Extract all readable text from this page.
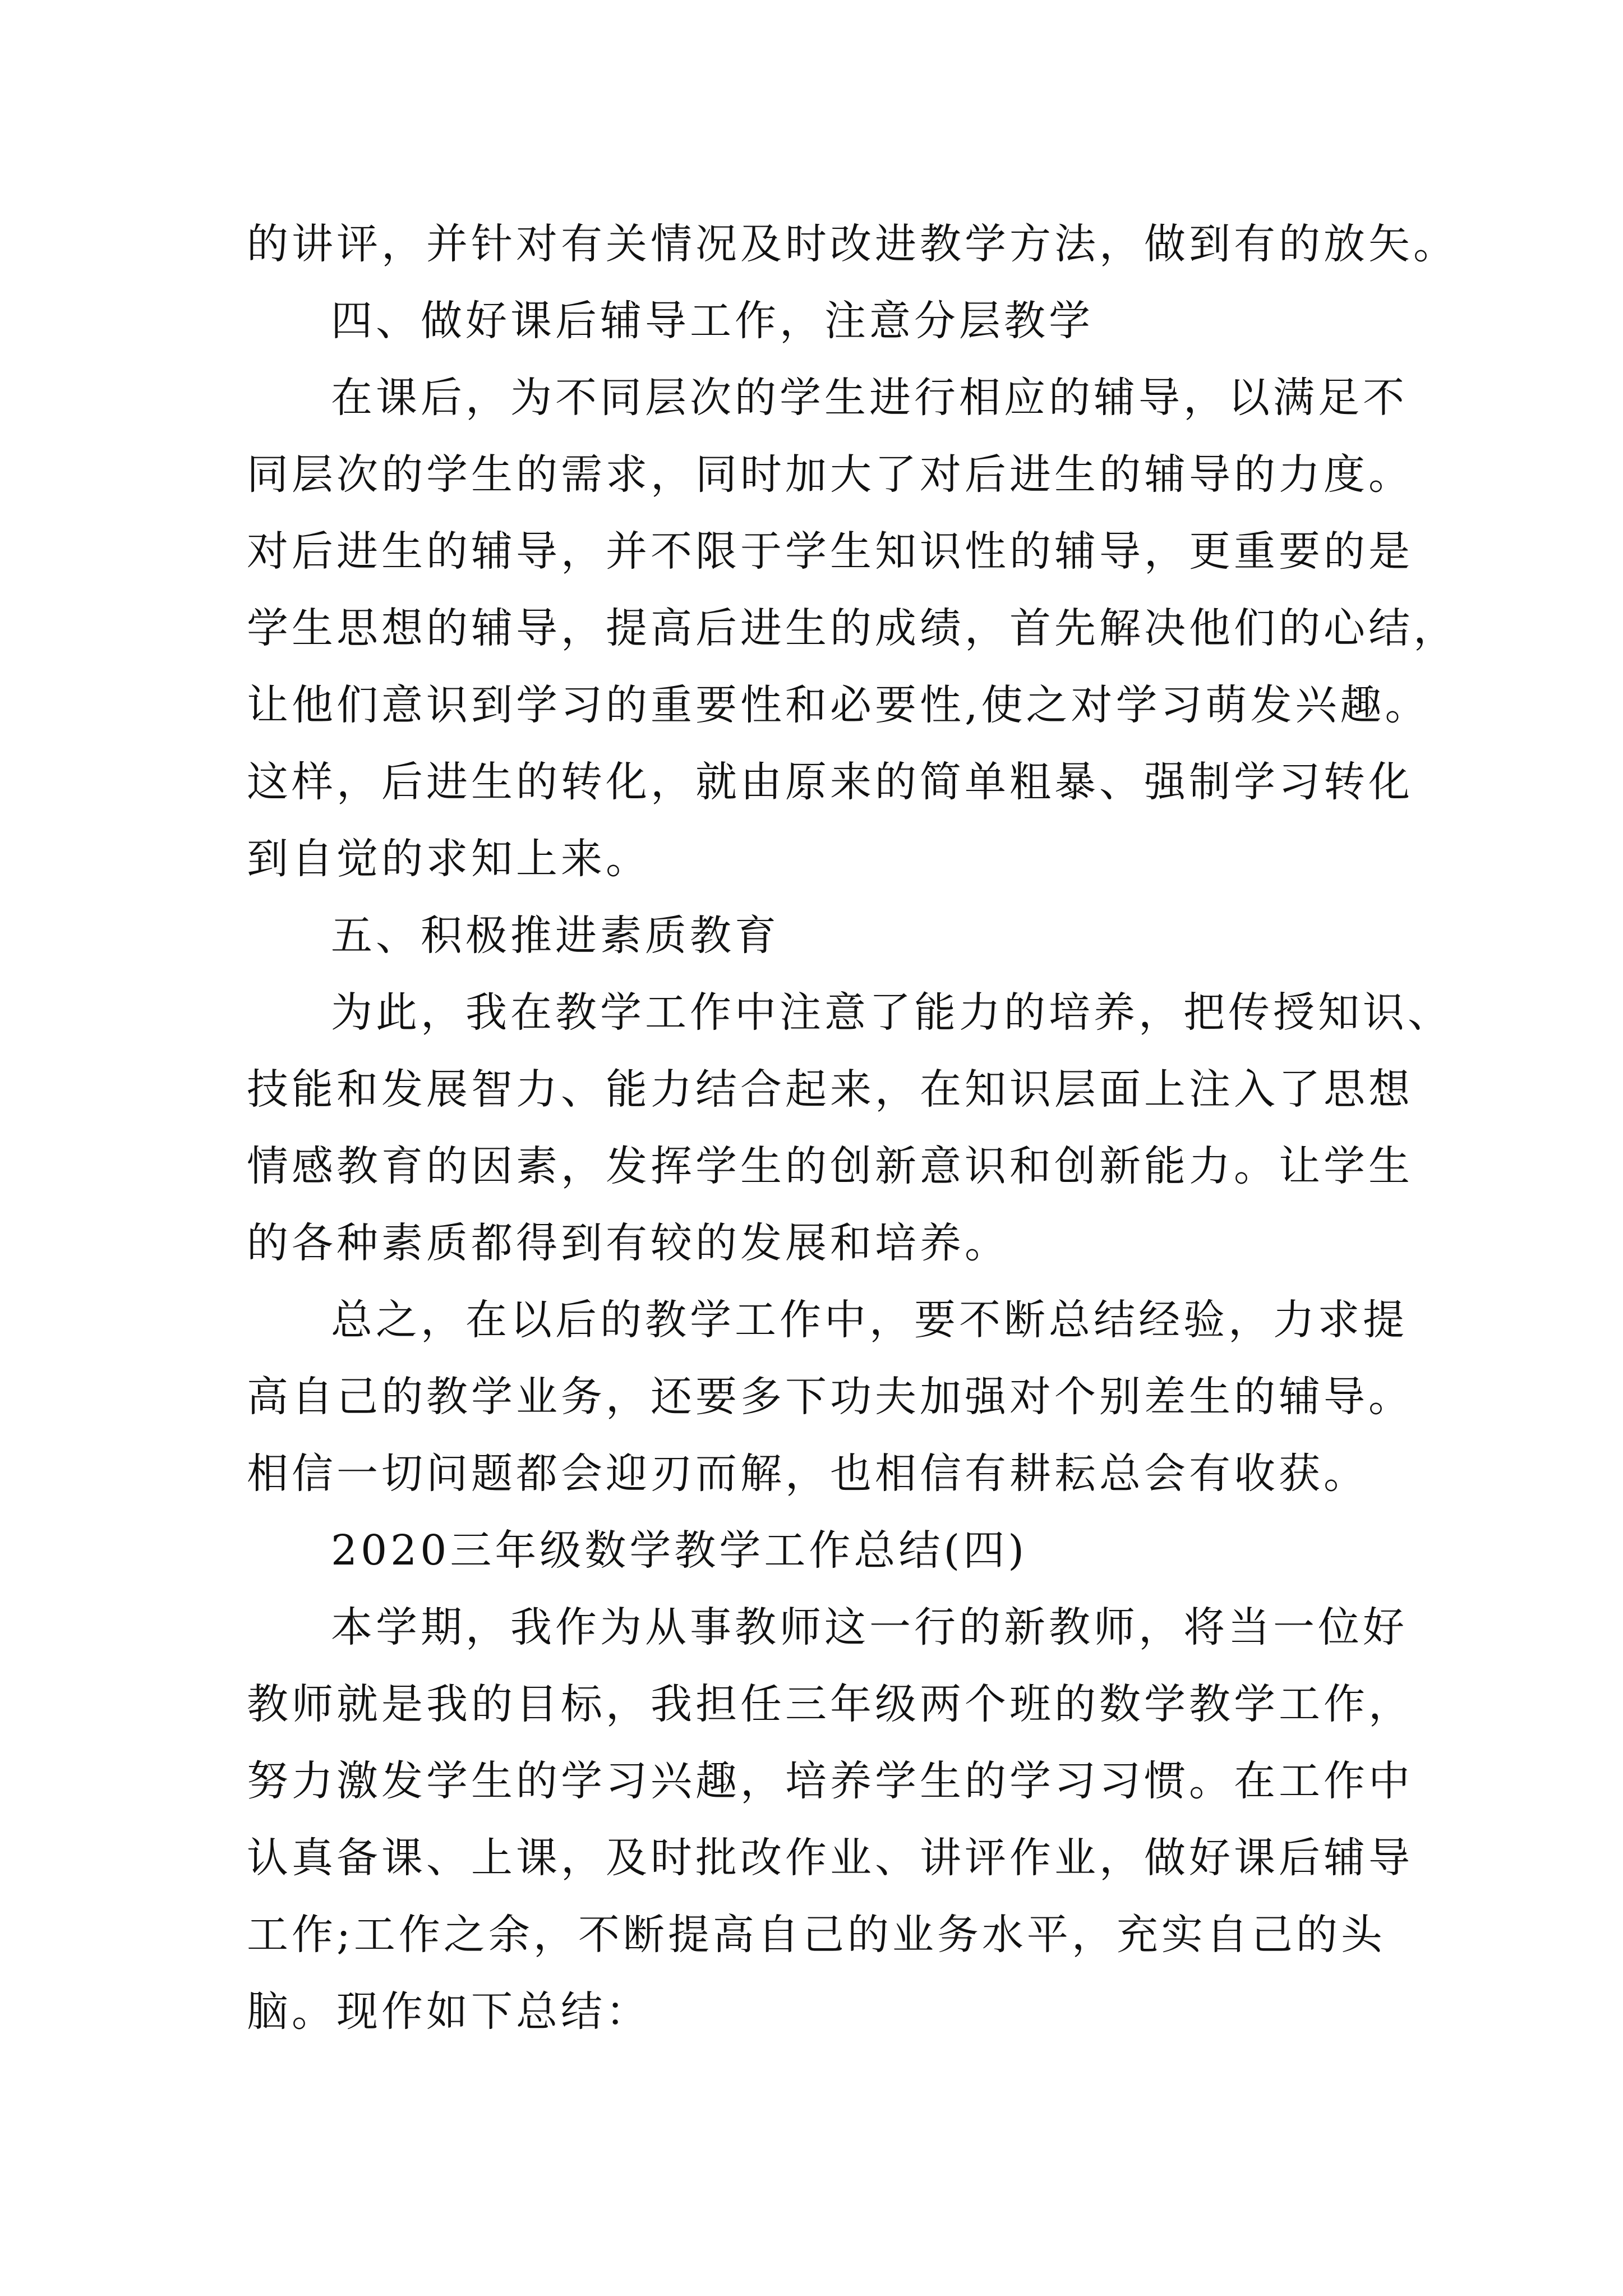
的讲评，并针对有关情况及时改进教学方法，做到有的放矢。
四、做好课后辅导工作，注意分层教学
在课后，为不同层次的学生进行相应的辅导，以满足不
同层次的学生的需求，同时加大了对后进生的辅导的力度。
对后进生的辅导，并不限于学生知识性的辅导，更重要的是
学生思想的辅导，提高后进生的成绩，首先解决他们的心结，
让他们意识到学习的重要性和必要性,使之对学习萌发兴趣。
这样，后进生的转化，就由原来的简单粗暴、强制学习转化
到自觉的求知上来。
五、积极推进素质教育
为此，我在教学工作中注意了能力的培养，把传授知识、
技能和发展智力、能力结合起来，在知识层面上注入了思想
情感教育的因素，发挥学生的创新意识和创新能力。让学生
的各种素质都得到有较的发展和培养。
总之，在以后的教学工作中，要不断总结经验，力求提
高自己的教学业务，还要多下功夫加强对个别差生的辅导。
相信一切问题都会迎刃而解，也相信有耕耘总会有收获。
2020三年级数学教学工作总结(四)
本学期，我作为从事教师这一行的新教师，将当一位好
教师就是我的目标，我担任三年级两个班的数学教学工作，
努力激发学生的学习兴趣，培养学生的学习习惯。在工作中
认真备课、上课，及时批改作业、讲评作业，做好课后辅导
工作;工作之余，不断提高自己的业务水平，充实自己的头
脑。现作如下总结：
